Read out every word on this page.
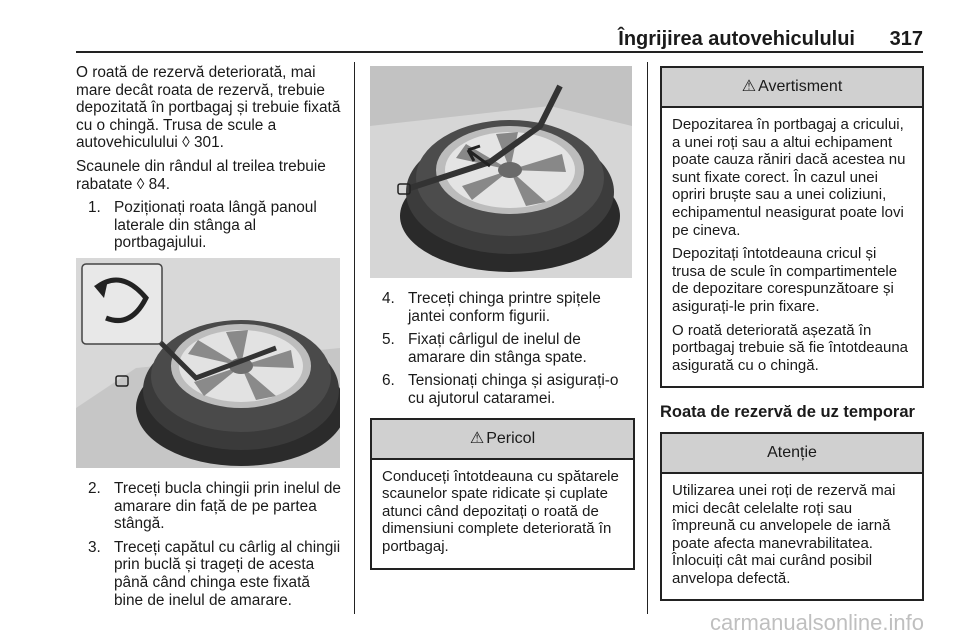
Îngrijirea autovehiculului 317

O roată de rezervă deteriorată, mai mare decât roata de rezervă, trebuie depozitată în portbagaj și trebuie fixată cu o chingă. Trusa de scule a autovehiculului ◊ 301.

Scaunele din rândul al treilea trebuie rabatate ◊ 84.

1. Poziționați roata lângă panoul laterale din stânga al portbagajului.
2. Treceți bucla chingii prin inelul de amarare din față de pe partea stângă.
3. Treceți capătul cu cârlig al chingii prin buclă și trageți de acesta până când chinga este fixată bine de inelul de amarare.
4. Treceți chinga printre spițele jantei conform figurii.
5. Fixați cârligul de inelul de amarare din stânga spate.
6. Tensionați chinga și asigurați-o cu ajutorul cataramei.
⚠ Pericol

Conduceți întotdeauna cu spătarele scaunelor spate ridicate și cuplate atunci când depozitați o roată de dimensiuni complete deteriorată în portbagaj.

⚠ Avertisment

Depozitarea în portbagaj a cricului, a unei roți sau a altui echipament poate cauza răniri dacă acestea nu sunt fixate corect. În cazul unei opriri bruște sau a unei coliziuni, echipamentul neasigurat poate lovi pe cineva.

Depozitați întotdeauna cricul și trusa de scule în compartimentele de depozitare corespunzătoare și asigurați-le prin fixare.

O roată deteriorată așezată în portbagaj trebuie să fie întotdeauna asigurată cu o chingă.

Roata de rezervă de uz temporar
Atenție

Utilizarea unei roți de rezervă mai mici decât celelalte roți sau împreună cu anvelopele de iarnă poate afecta manevrabilitatea. Înlocuiți cât mai curând posibil anvelopa defectă.

carmanualsonline.info
